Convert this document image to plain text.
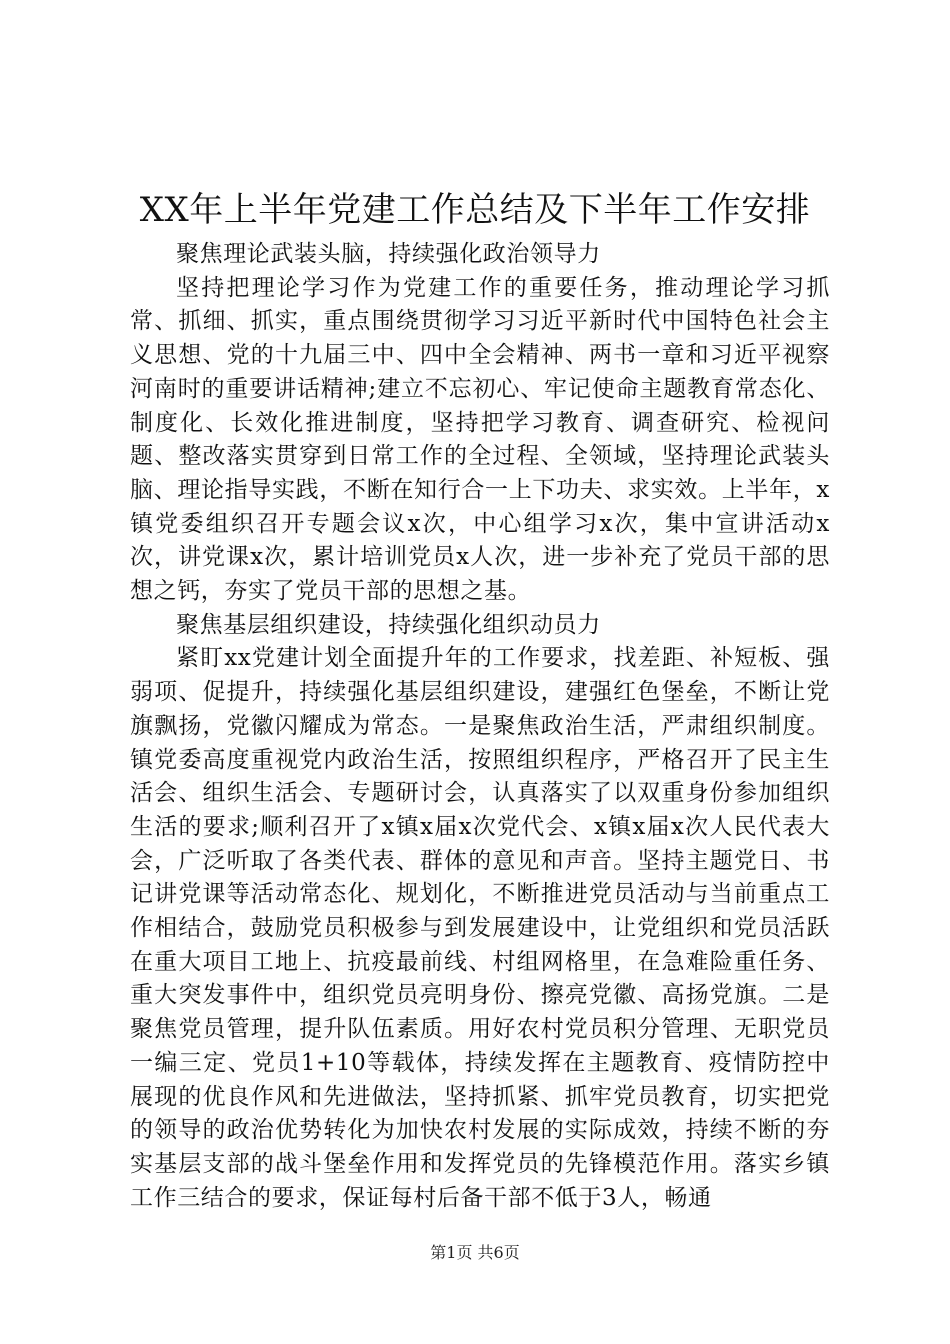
XX年上半年党建工作总结及下半年工作安排

聚焦理论武装头脑，持续强化政治领导力

坚持把理论学习作为党建工作的重要任务，推动理论学习抓常、抓细、抓实，重点围绕贯彻学习习近平新时代中国特色社会主义思想、党的十九届三中、四中全会精神、两书一章和习近平视察河南时的重要讲话精神;建立不忘初心、牢记使命主题教育常态化、制度化、长效化推进制度，坚持把学习教育、调查研究、检视问题、整改落实贯穿到日常工作的全过程、全领域，坚持理论武装头脑、理论指导实践，不断在知行合一上下功夫、求实效。上半年，x镇党委组织召开专题会议x次，中心组学习x次，集中宣讲活动x次，讲党课x次，累计培训党员x人次，进一步补充了党员干部的思想之钙，夯实了党员干部的思想之基。

聚焦基层组织建设，持续强化组织动员力

紧盯xx党建计划全面提升年的工作要求，找差距、补短板、强弱项、促提升，持续强化基层组织建设，建强红色堡垒，不断让党旗飘扬，党徽闪耀成为常态。一是聚焦政治生活，严肃组织制度。镇党委高度重视党内政治生活，按照组织程序，严格召开了民主生活会、组织生活会、专题研讨会，认真落实了以双重身份参加组织生活的要求;顺利召开了x镇x届x次党代会、x镇x届x次人民代表大会，广泛听取了各类代表、群体的意见和声音。坚持主题党日、书记讲党课等活动常态化、规划化，不断推进党员活动与当前重点工作相结合，鼓励党员积极参与到发展建设中，让党组织和党员活跃在重大项目工地上、抗疫最前线、村组网格里，在急难险重任务、重大突发事件中，组织党员亮明身份、擦亮党徽、高扬党旗。二是聚焦党员管理，提升队伍素质。用好农村党员积分管理、无职党员一编三定、党员1+10等载体，持续发挥在主题教育、疫情防控中展现的优良作风和先进做法，坚持抓紧、抓牢党员教育，切实把党的领导的政治优势转化为加快农村发展的实际成效，持续不断的夯实基层支部的战斗堡垒作用和发挥党员的先锋模范作用。落实乡镇工作三结合的要求，保证每村后备干部不低于3人，畅通

第1页 共6页
